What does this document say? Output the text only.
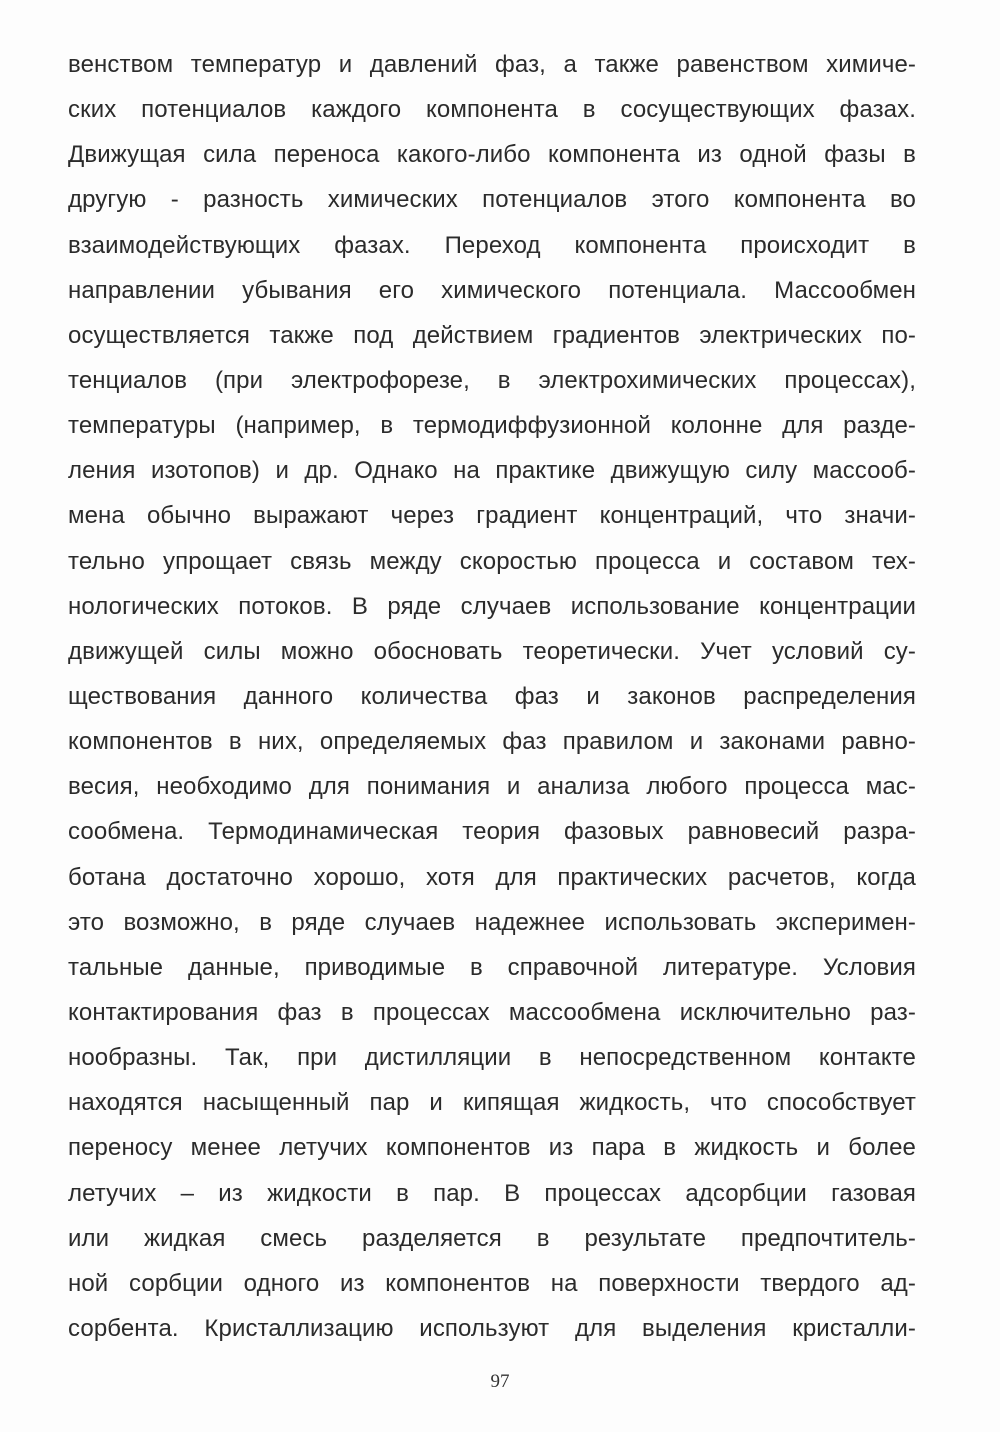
венством температур и давлений фаз, а также равенством химиче-
ских потенциалов каждого компонента в сосуществующих фазах.
Движущая сила переноса какого-либо компонента из одной фазы в
другую - разность химических потенциалов этого компонента во
взаимодействующих фазах. Переход компонента происходит в
направлении убывания его химического потенциала. Массообмен
осуществляется также под действием градиентов электрических по-
тенциалов (при электрофорезе, в электрохимических процессах),
температуры (например, в термодиффузионной колонне для разде-
ления изотопов) и др. Однако на практике движущую силу массооб-
мена обычно выражают через градиент концентраций, что значи-
тельно упрощает связь между скоростью процесса и составом тех-
нологических потоков. В ряде случаев использование концентрации
движущей силы можно обосновать теоретически. Учет условий су-
ществования данного количества фаз и законов распределения
компонентов в них, определяемых фаз правилом и законами равно-
весия, необходимо для понимания и анализа любого процесса мас-
сообмена. Термодинамическая теория фазовых равновесий разра-
ботана достаточно хорошо, хотя для практических расчетов, когда
это возможно, в ряде случаев надежнее использовать эксперимен-
тальные данные, приводимые в справочной литературе. Условия
контактирования фаз в процессах массообмена исключительно раз-
нообразны. Так, при дистилляции в непосредственном контакте
находятся насыщенный пар и кипящая жидкость, что способствует
переносу менее летучих компонентов из пара в жидкость и более
летучих – из жидкости в пар. В процессах адсорбции газовая
или жидкая смесь разделяется в результате предпочтитель-
ной сорбции одного из компонентов на поверхности твердого ад-
сорбента. Кристаллизацию используют для выделения кристалли-
97
